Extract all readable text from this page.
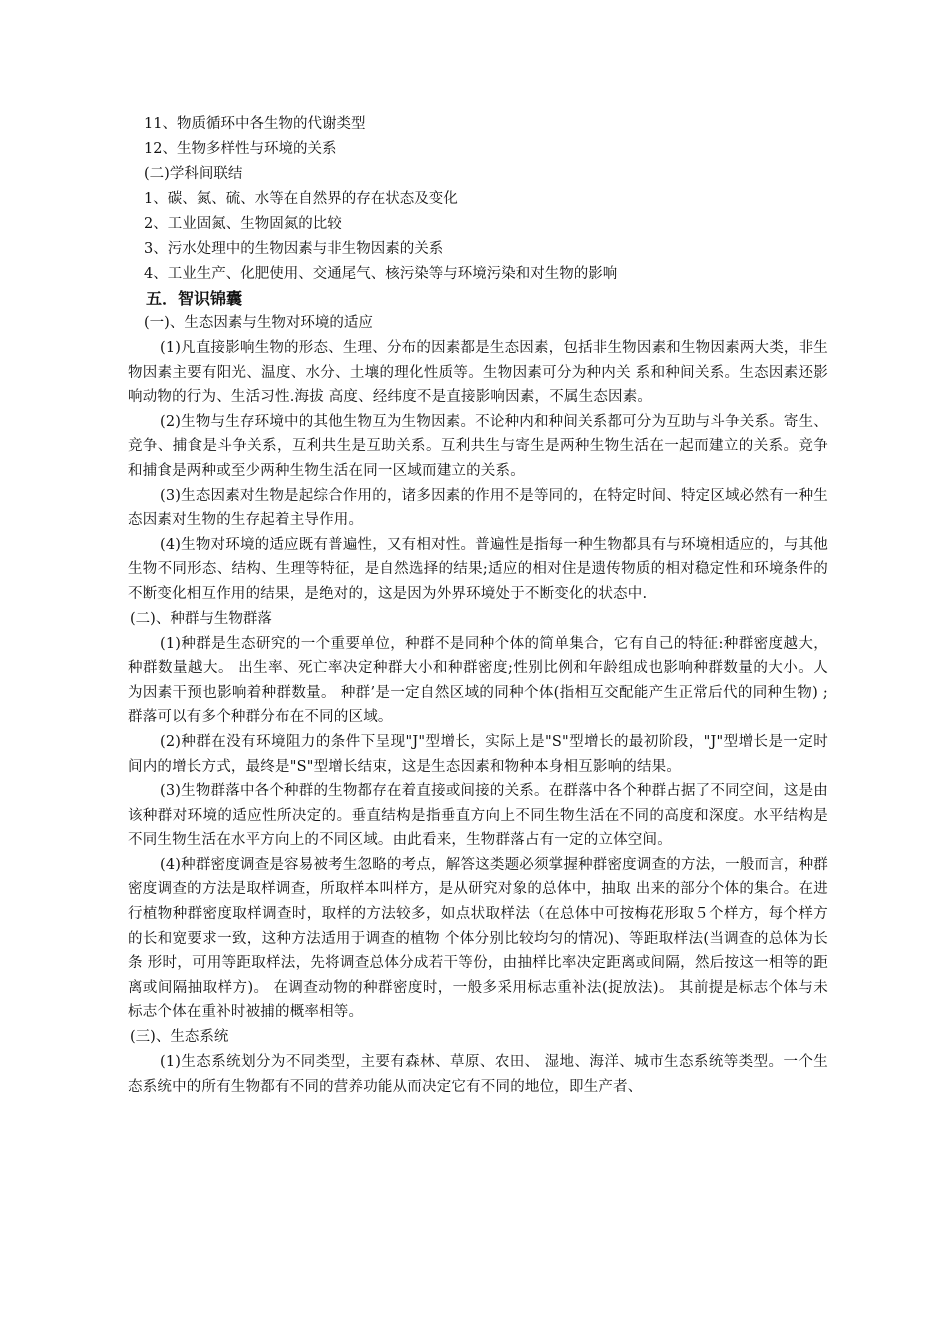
11、物质循环中各生物的代谢类型

12、生物多样性与环境的关系

(二)学科间联结

1、碳、氮、硫、水等在自然界的存在状态及变化

2、工业固氮、生物固氮的比较

3、污水处理中的生物因素与非生物因素的关系

4、工业生产、化肥使用、交通尾气、核污染等与环境污染和对生物的影响

五．智识锦囊

(一)、生态因素与生物对环境的适应

(1)凡直接影响生物的形态、生理、分布的因素都是生态因素，包括非生物因素和生物因素两大类，非生物因素主要有阳光、温度、水分、土壤的理化性质等。生物因素可分为种内关 系和种间关系。生态因素还影响动物的行为、生活习性.海拔 高度、经纬度不是直接影响因素，不属生态因素。

(2)生物与生存环境中的其他生物互为生物因素。不论种内和种间关系都可分为互助与斗争关系。寄生、竞争、捕食是斗争关系，互利共生是互助关系。互利共生与寄生是两种生物生活在一起而建立的关系。竞争和捕食是两种或至少两种生物生活在同一区域而建立的关系。

(3)生态因素对生物是起综合作用的，诸多因素的作用不是等同的，在特定时间、特定区域必然有一种生态因素对生物的生存起着主导作用。

(4)生物对环境的适应既有普遍性，又有相对性。普遍性是指每一种生物都具有与环境相适应的，与其他生物不同形态、结构、生理等特征，是自然选择的结果;适应的相对住是遗传物质的相对稳定性和环境条件的不断变化相互作用的结果，是绝对的，这是因为外界环境处于不断变化的状态中.

(二)、种群与生物群落

(1)种群是生态研究的一个重要单位，种群不是同种个体的简单集合，它有自己的特征:种群密度越大，种群数量越大。 出生率、死亡率决定种群大小和种群密度;性别比例和年龄组成也影响种群数量的大小。人为因素干预也影响着种群数量。 种群’是一定自然区域的同种个体(指相互交配能产生正常后代的同种生物) ;群落可以有多个种群分布在不同的区域。

(2)种群在没有环境阻力的条件下呈现"J"型增长，实际上是"S"型增长的最初阶段，"J"型增长是一定时间内的增长方式，最终是"S"型增长结束，这是生态因素和物种本身相互影响的结果。

(3)生物群落中各个种群的生物都存在着直接或间接的关系。在群落中各个种群占据了不同空间，这是由该种群对环境的适应性所决定的。垂直结构是指垂直方向上不同生物生活在不同的高度和深度。水平结构是不同生物生活在水平方向上的不同区域。由此看来，生物群落占有一定的立体空间。

(4)种群密度调查是容易被考生忽略的考点，解答这类题必须掌握种群密度调查的方法，一般而言，种群密度调查的方法是取样调查，所取样本叫样方，是从研究对象的总体中，抽取 出来的部分个体的集合。在进行植物种群密度取样调查时，取样的方法较多，如点状取样法（在总体中可按梅花形取５个样方，每个样方的长和宽要求一致，这种方法适用于调查的植物 个体分别比较均匀的情况)、等距取样法(当调查的总体为长条 形时，可用等距取样法，先将调查总体分成若干等份，由抽样比率决定距离或间隔，然后按这一相等的距离或间隔抽取样方)。 在调查动物的种群密度时，一般多采用标志重补法(捉放法)。 其前提是标志个体与未标志个体在重补时被捕的概率相等。

(三)、生态系统

(1)生态系统划分为不同类型，主要有森林、草原、农田、 湿地、海洋、城市生态系统等类型。一个生态系统中的所有生物都有不同的营养功能从而决定它有不同的地位，即生产者、
